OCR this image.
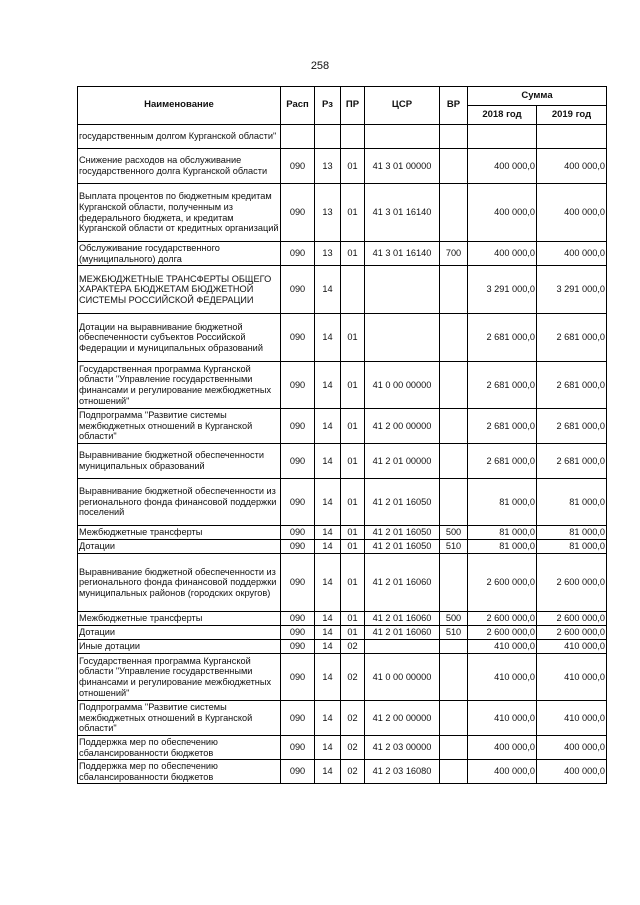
258
Наименование	Расп	Рз	ПР	ЦСР	ВР	Сумма	
						2018 год	2019 год
государственным долгом Курганской области"							
Снижение расходов на обслуживание государственного долга Курганской области	090	13	01	41 3 01 00000		400 000,0	400 000,0
Выплата процентов по бюджетным кредитам Курганской области, полученным из федерального бюджета, и кредитам Курганской области от кредитных организаций	090	13	01	41 3 01 16140		400 000,0	400 000,0
Обслуживание государственного (муниципального) долга	090	13	01	41 3 01 16140	700	400 000,0	400 000,0
МЕЖБЮДЖЕТНЫЕ ТРАНСФЕРТЫ ОБЩЕГО ХАРАКТЕРА БЮДЖЕТАМ БЮДЖЕТНОЙ СИСТЕМЫ РОССИЙСКОЙ ФЕДЕРАЦИИ	090	14				3 291 000,0	3 291 000,0
Дотации на выравнивание бюджетной обеспеченности субъектов Российской Федерации и муниципальных образований	090	14	01			2 681 000,0	2 681 000,0
Государственная программа Курганской области "Управление государственными финансами и регулирование межбюджетных отношений"	090	14	01	41 0 00 00000		2 681 000,0	2 681 000,0
Подпрограмма "Развитие системы межбюджетных отношений в Курганской области"	090	14	01	41 2 00 00000		2 681 000,0	2 681 000,0
Выравнивание бюджетной обеспеченности муниципальных образований	090	14	01	41 2 01 00000		2 681 000,0	2 681 000,0
Выравнивание бюджетной обеспеченности из регионального фонда финансовой поддержки поселений	090	14	01	41 2 01 16050		81 000,0	81 000,0
Межбюджетные трансферты	090	14	01	41 2 01 16050	500	81 000,0	81 000,0
Дотации	090	14	01	41 2 01 16050	510	81 000,0	81 000,0
Выравнивание бюджетной обеспеченности из регионального фонда финансовой поддержки муниципальных районов (городских округов)	090	14	01	41 2 01 16060		2 600 000,0	2 600 000,0
Межбюджетные трансферты	090	14	01	41 2 01 16060	500	2 600 000,0	2 600 000,0
Дотации	090	14	01	41 2 01 16060	510	2 600 000,0	2 600 000,0
Иные дотации	090	14	02			410 000,0	410 000,0
Государственная программа Курганской области "Управление государственными финансами и регулирование межбюджетных отношений"	090	14	02	41 0 00 00000		410 000,0	410 000,0
Подпрограмма "Развитие системы межбюджетных отношений в Курганской области"	090	14	02	41 2 00 00000		410 000,0	410 000,0
Поддержка мер по обеспечению сбалансированности бюджетов	090	14	02	41 2 03 00000		400 000,0	400 000,0
Поддержка мер по обеспечению сбалансированности бюджетов	090	14	02	41 2 03 16080		400 000,0	400 000,0
